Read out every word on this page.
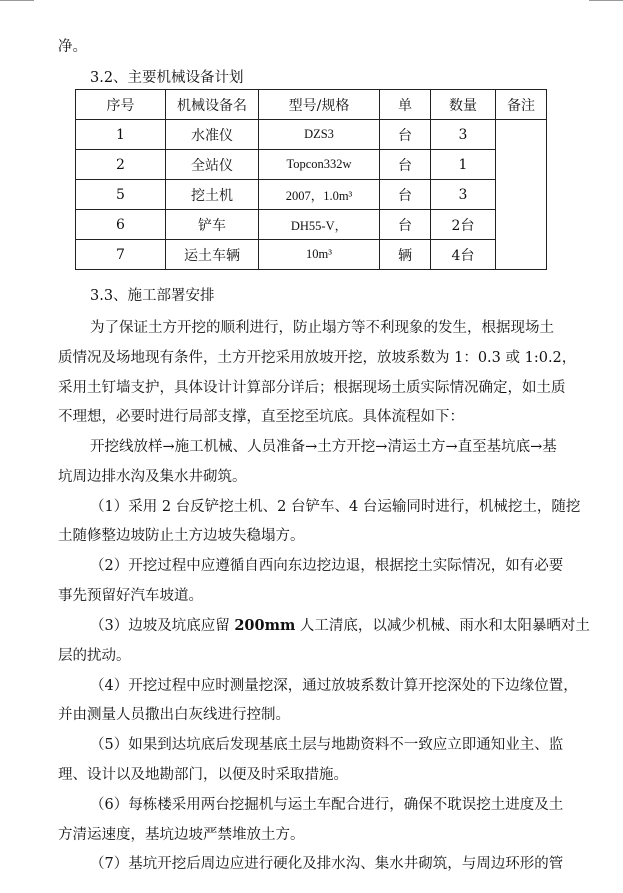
净。
3.2、主要机械设备计划
序号	机械设备名	型号/规格	单	数量	备注
1	水准仪	DZS3	台	3	
2	全站仪	Topcon332w	台	1	
5	挖土机	2007，1.0m³	台	3	
6	铲车	DH55-V，	台	2台	
7	运土车辆	10m³	辆	4台	
3.3、施工部署安排
为了保证土方开挖的顺利进行，防止塌方等不利现象的发生，根据现场土
质情况及场地现有条件，土方开挖采用放坡开挖，放坡系数为 1：0.3 或 1:0.2，
采用土钉墙支护，具体设计计算部分详后；根据现场土质实际情况确定，如土质
不理想，必要时进行局部支撑，直至挖至坑底。具体流程如下：
开挖线放样→施工机械、人员准备→土方开挖→清运土方→直至基坑底→基
坑周边排水沟及集水井砌筑。
（1）采用 2 台反铲挖土机、2 台铲车、4 台运输同时进行，机械挖土，随挖
土随修整边坡防止土方边坡失稳塌方。
（2）开挖过程中应遵循自西向东边挖边退，根据挖土实际情况，如有必要
事先预留好汽车坡道。
（3）边坡及坑底应留 200mm 人工清底，以减少机械、雨水和太阳暴晒对土
层的扰动。
（4）开挖过程中应时测量挖深，通过放坡系数计算开挖深处的下边缘位置，
并由测量人员撒出白灰线进行控制。
（5）如果到达坑底后发现基底土层与地勘资料不一致应立即通知业主、监
理、设计以及地勘部门，以便及时采取措施。
（6）每栋楼采用两台挖掘机与运土车配合进行，确保不耽误挖土进度及土
方清运速度，基坑边坡严禁堆放土方。
（7）基坑开挖后周边应进行硬化及排水沟、集水井砌筑，与周边环形的管
